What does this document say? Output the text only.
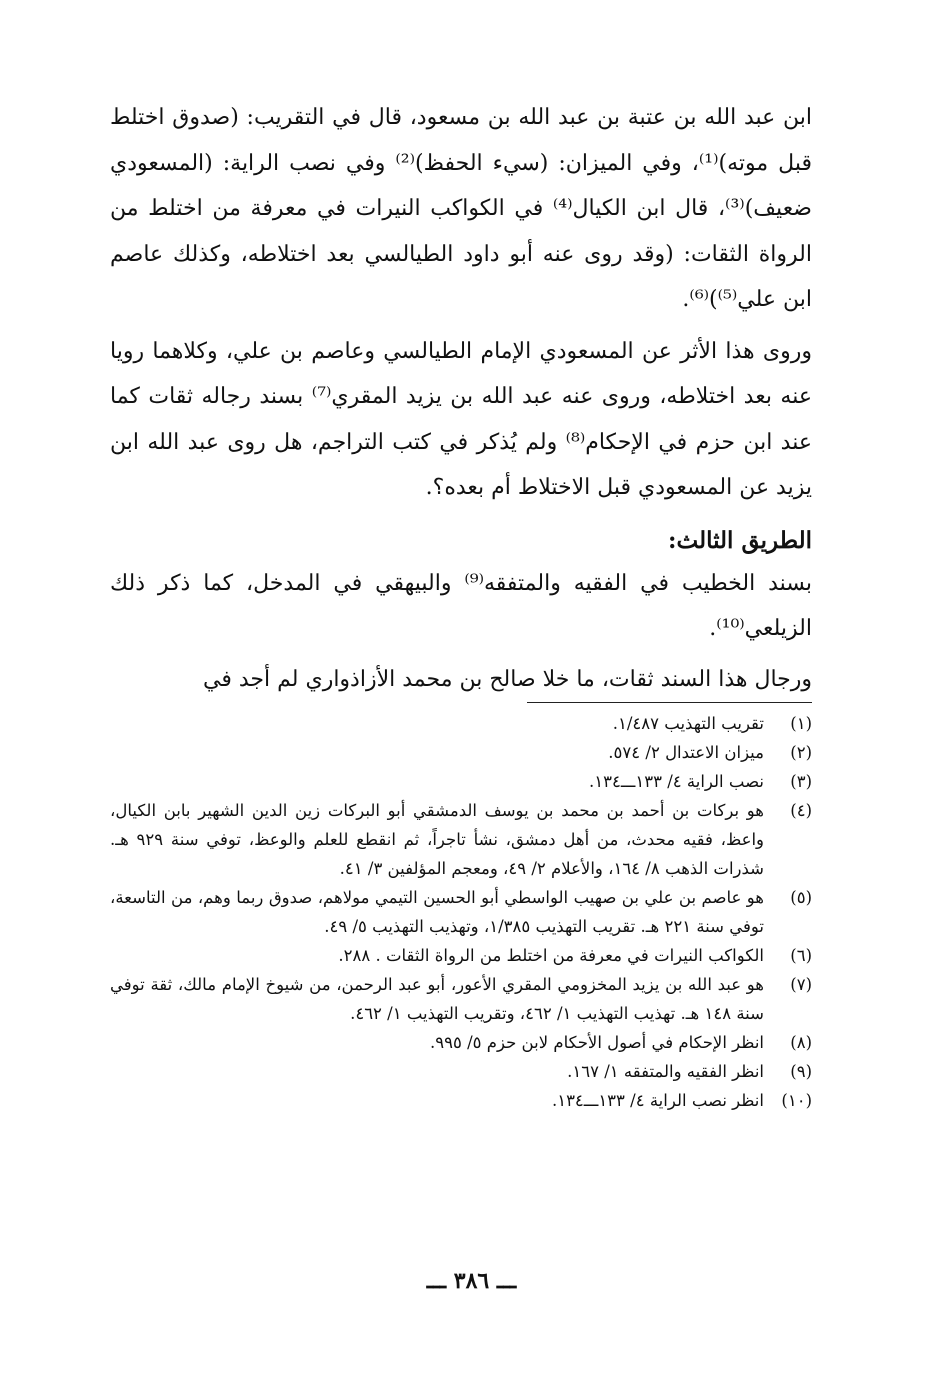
ابن عبد الله بن عتبة بن عبد الله بن مسعود، قال في التقريب: (صدوق اختلط قبل موته)⁽¹⁾، وفي الميزان: (سيء الحفظ)⁽²⁾ وفي نصب الراية: (المسعودي ضعيف)⁽³⁾، قال ابن الكيال⁽⁴⁾ في الكواكب النيرات في معرفة من اختلط من الرواة الثقات: (وقد روى عنه أبو داود الطيالسي بعد اختلاطه، وكذلك عاصم ابن علي⁽⁵⁾)⁽⁶⁾.

وروى هذا الأثر عن المسعودي الإمام الطيالسي وعاصم بن علي، وكلاهما رويا عنه بعد اختلاطه، وروى عنه عبد الله بن يزيد المقري⁽⁷⁾ بسند رجاله ثقات كما عند ابن حزم في الإحكام⁽⁸⁾ ولم يُذكر في كتب التراجم، هل روى عبد الله ابن يزيد عن المسعودي قبل الاختلاط أم بعده؟.

الطريق الثالث:

بسند الخطيب في الفقيه والمتفقه⁽⁹⁾ والبيهقي في المدخل، كما ذكر ذلك الزيلعي⁽¹⁰⁾.

ورجال هذا السند ثقات، ما خلا صالح بن محمد الأزاذواري لم أجد في

(١)
تقريب التهذيب ١/٤٨٧.
(٢)
ميزان الاعتدال ٢/ ٥٧٤.
(٣)
نصب الراية ٤/ ١٣٣ـــ١٣٤.
(٤)
هو بركات بن أحمد بن محمد بن يوسف الدمشقي أبو البركات زين الدين الشهير بابن الكيال، واعظ، فقيه محدث، من أهل دمشق، نشأ تاجراً، ثم انقطع للعلم والوعظ، توفي سنة ٩٢٩ هـ. شذرات الذهب ٨/ ١٦٤، والأعلام ٢/ ٤٩، ومعجم المؤلفين ٣/ ٤١.
(٥)
هو عاصم بن علي بن صهيب الواسطي أبو الحسين التيمي مولاهم، صدوق ربما وهم، من التاسعة، توفي سنة ٢٢١ هـ. تقريب التهذيب ١/٣٨٥، وتهذيب التهذيب ٥/ ٤٩.
(٦)
الكواكب النيرات في معرفة من اختلط من الرواة الثقات . ٢٨٨.
(٧)
هو عبد الله بن يزيد المخزومي المقري الأعور، أبو عبد الرحمن، من شيوخ الإمام مالك، ثقة توفي سنة ١٤٨ هـ. تهذيب التهذيب ١/ ٤٦٢، وتقريب التهذيب ١/ ٤٦٢.
(٨)
انظر الإحكام في أصول الأحكام لابن حزم ٥/ ٩٩٥.
(٩)
انظر الفقيه والمتفقه ١/ ١٦٧.
(١٠)
انظر نصب الراية ٤/ ١٣٣ـــ١٣٤.
ـــ ٣٨٦ ـــ
